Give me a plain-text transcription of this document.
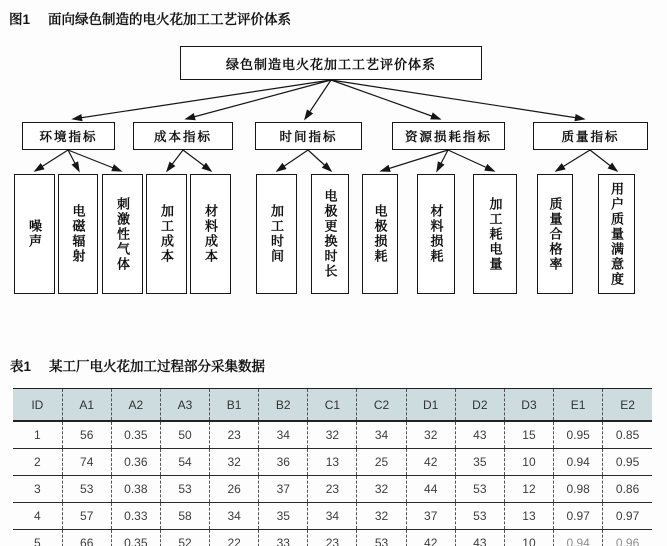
图1 面向绿色制造的电火花加工工艺评价体系
绿色制造电火花加工工艺评价体系
环境指标	成本指标	时间指标	资源损耗指标	质量指标
噪声	电磁辐射	刺激性气体	加工成本	材料成本	加工时间	电极更换时长	电极损耗	材料损耗	加工耗电量	质量合格率	用户质量满意度
表1 某工厂电火花加工过程部分采集数据
ID	A1	A2	A3	B1	B2	C1	C2	D1	D2	D3	E1	E2
1	56	0.35	50	23	34	32	34	32	43	15	0.95	0.85
2	74	0.36	54	32	36	13	25	42	35	10	0.94	0.95
3	53	0.38	53	26	37	23	32	44	53	12	0.98	0.86
4	57	0.33	58	34	35	34	32	37	53	13	0.97	0.97
5	66	0.35	52	22	33	23	53	42	43	10	0.94	0.96
